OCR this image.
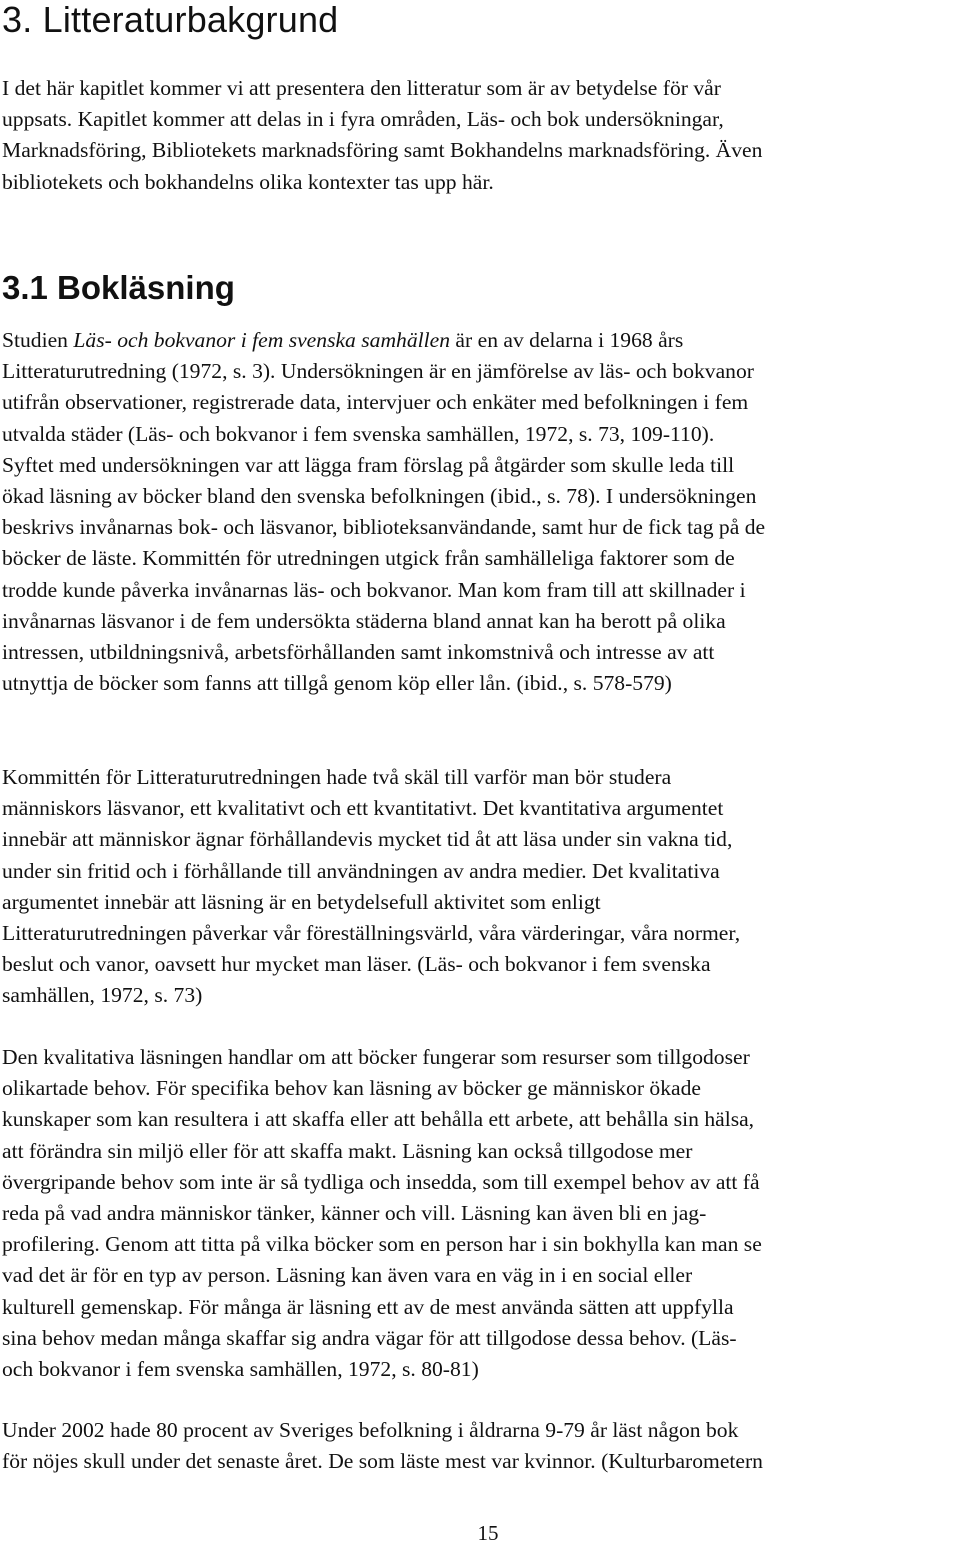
3. Litteraturbakgrund

I det här kapitlet kommer vi att presentera den litteratur som är av betydelse för vår
uppsats. Kapitlet kommer att delas in i fyra områden, Läs- och bok undersökningar,
Marknadsföring, Bibliotekets marknadsföring samt Bokhandelns marknadsföring. Även
bibliotekets och bokhandelns olika kontexter tas upp här.

3.1 Bokläsning

Studien Läs- och bokvanor i fem svenska samhällen är en av delarna i 1968 års
Litteraturutredning (1972, s. 3). Undersökningen är en jämförelse av läs- och bokvanor
utifrån observationer, registrerade data, intervjuer och enkäter med befolkningen i fem
utvalda städer (Läs- och bokvanor i fem svenska samhällen, 1972, s. 73, 109-110).
Syftet med undersökningen var att lägga fram förslag på åtgärder som skulle leda till
ökad läsning av böcker bland den svenska befolkningen (ibid., s. 78). I undersökningen
beskrivs invånarnas bok- och läsvanor, biblioteksanvändande, samt hur de fick tag på de
böcker de läste. Kommittén för utredningen utgick från samhälleliga faktorer som de
trodde kunde påverka invånarnas läs- och bokvanor. Man kom fram till att skillnader i
invånarnas läsvanor i de fem undersökta städerna bland annat kan ha berott på olika
intressen, utbildningsnivå, arbetsförhållanden samt inkomstnivå och intresse av att
utnyttja de böcker som fanns att tillgå genom köp eller lån. (ibid., s. 578-579)

Kommittén för Litteraturutredningen hade två skäl till varför man bör studera
människors läsvanor, ett kvalitativt och ett kvantitativt. Det kvantitativa argumentet
innebär att människor ägnar förhållandevis mycket tid åt att läsa under sin vakna tid,
under sin fritid och i förhållande till användningen av andra medier. Det kvalitativa
argumentet innebär att läsning är en betydelsefull aktivitet som enligt
Litteraturutredningen påverkar vår föreställningsvärld, våra värderingar, våra normer,
beslut och vanor, oavsett hur mycket man läser. (Läs- och bokvanor i fem svenska
samhällen, 1972, s. 73)

Den kvalitativa läsningen handlar om att böcker fungerar som resurser som tillgodoser
olikartade behov. För specifika behov kan läsning av böcker ge människor ökade
kunskaper som kan resultera i att skaffa eller att behålla ett arbete, att behålla sin hälsa,
att förändra sin miljö eller för att skaffa makt. Läsning kan också tillgodose mer
övergripande behov som inte är så tydliga och insedda, som till exempel behov av att få
reda på vad andra människor tänker, känner och vill. Läsning kan även bli en jag-
profilering. Genom att titta på vilka böcker som en person har i sin bokhylla kan man se
vad det är för en typ av person. Läsning kan även vara en väg in i en social eller
kulturell gemenskap. För många är läsning ett av de mest använda sätten att uppfylla
sina behov medan många skaffar sig andra vägar för att tillgodose dessa behov. (Läs-
och bokvanor i fem svenska samhällen, 1972, s. 80-81)

Under 2002 hade 80 procent av Sveriges befolkning i åldrarna 9-79 år läst någon bok
för nöjes skull under det senaste året. De som läste mest var kvinnor. (Kulturbarometern

15
